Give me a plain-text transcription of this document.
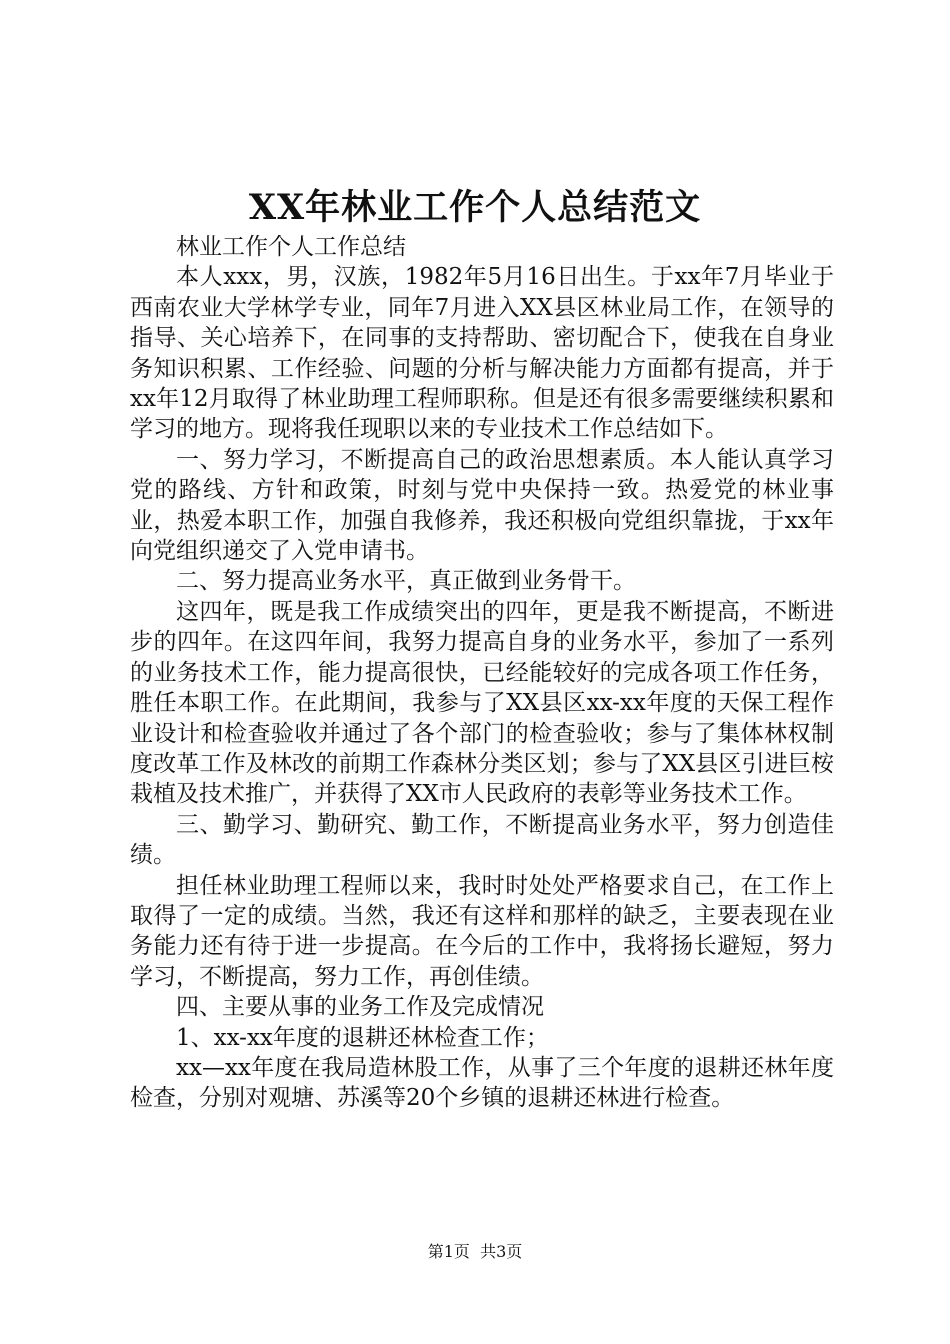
XX年林业工作个人总结范文

林业工作个人工作总结

本人xxx，男，汉族，1982年5月16日出生。于xx年7月毕业于西南农业大学林学专业，同年7月进入XX县区林业局工作，在领导的指导、关心培养下，在同事的支持帮助、密切配合下，使我在自身业务知识积累、工作经验、问题的分析与解决能力方面都有提高，并于xx年12月取得了林业助理工程师职称。但是还有很多需要继续积累和学习的地方。现将我任现职以来的专业技术工作总结如下。

一、努力学习，不断提高自己的政治思想素质。本人能认真学习党的路线、方针和政策，时刻与党中央保持一致。热爱党的林业事业，热爱本职工作，加强自我修养，我还积极向党组织靠拢，于xx年向党组织递交了入党申请书。

二、努力提高业务水平，真正做到业务骨干。

这四年，既是我工作成绩突出的四年，更是我不断提高，不断进步的四年。在这四年间，我努力提高自身的业务水平，参加了一系列的业务技术工作，能力提高很快，已经能较好的完成各项工作任务，胜任本职工作。在此期间，我参与了XX县区xx-xx年度的天保工程作业设计和检查验收并通过了各个部门的检查验收；参与了集体林权制度改革工作及林改的前期工作森林分类区划；参与了XX县区引进巨桉栽植及技术推广，并获得了XX市人民政府的表彰等业务技术工作。

三、勤学习、勤研究、勤工作，不断提高业务水平，努力创造佳绩。

担任林业助理工程师以来，我时时处处严格要求自己，在工作上取得了一定的成绩。当然，我还有这样和那样的缺乏，主要表现在业务能力还有待于进一步提高。在今后的工作中，我将扬长避短，努力学习，不断提高，努力工作，再创佳绩。

四、主要从事的业务工作及完成情况

1、xx-xx年度的退耕还林检查工作；

xx—xx年度在我局造林股工作，从事了三个年度的退耕还林年度检查，分别对观塘、苏溪等20个乡镇的退耕还林进行检查。

第1页  共3页
